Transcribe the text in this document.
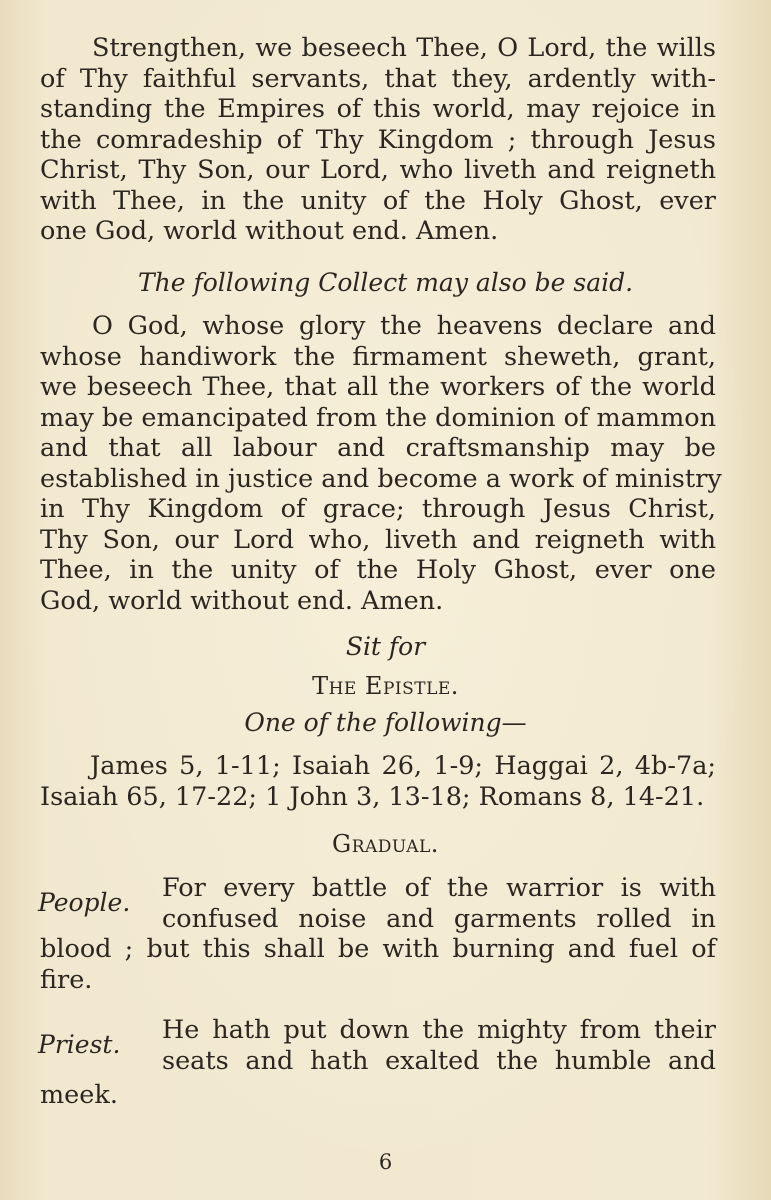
Strengthen, we beseech Thee, O Lord, the wills
of Thy faithful servants, that they, ardently with-
standing the Empires of this world, may rejoice in
the comradeship of Thy Kingdom ; through Jesus
Christ, Thy Son, our Lord, who liveth and reigneth
with Thee, in the unity of the Holy Ghost, ever
one God, world without end. Amen.

The following Collect may also be said.

O God, whose glory the heavens declare and
whose handiwork the firmament sheweth, grant,
we beseech Thee, that all the workers of the world
may be emancipated from the dominion of mammon
and that all labour and craftsmanship may be
established in justice and become a work of ministry
in Thy Kingdom of grace; through Jesus Christ,
Thy Son, our Lord who, liveth and reigneth with
Thee, in the unity of the Holy Ghost, ever one
God, world without end. Amen.

Sit for

The Epistle.

One of the following—

James 5, 1-11; Isaiah 26, 1-9; Haggai 2, 4b-7a;
Isaiah 65, 17-22; 1 John 3, 13-18; Romans 8, 14-21.

Gradual.

People. For every battle of the warrior is with
confused noise and garments rolled in
blood ; but this shall be with burning and fuel of
fire.

Priest. He hath put down the mighty from their
seats and hath exalted the humble and
meek.

6
